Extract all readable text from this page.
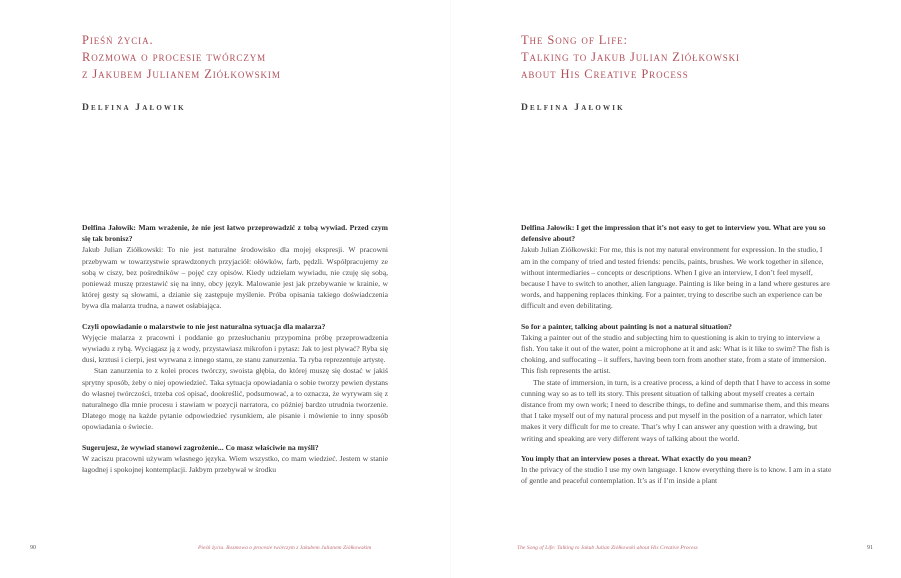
Pieśń życia.
Rozmowa o procesie twórczym
z Jakubem Julianem Ziółkowskim
Delfina Jałowik

Delfina Jałowik: Mam wrażenie, że nie jest łatwo przeprowadzić z tobą wywiad. Przed czym się tak bronisz?

Jakub Julian Ziółkowski: To nie jest naturalne środowisko dla mojej ekspresji. W pracowni przebywam w towarzystwie sprawdzonych przyjaciół: ołówków, farb, pędzli. Współpracujemy ze sobą w ciszy, bez pośredników – pojęć czy opisów. Kiedy udzielam wywiadu, nie czuję się sobą, ponieważ muszę przestawić się na inny, obcy język. Malowanie jest jak przebywanie w krainie, w której gesty są słowami, a dzianie się zastępuje myślenie. Próba opisania takiego doświadczenia bywa dla malarza trudna, a nawet osłabiająca.

Czyli opowiadanie o malarstwie to nie jest naturalna sytuacja dla malarza?

Wyjęcie malarza z pracowni i poddanie go przesłuchaniu przypomina próbę przeprowadzenia wywiadu z rybą. Wyciągasz ją z wody, przystawiasz mikrofon i pytasz: Jak to jest pływać? Ryba się dusi, krztusi i cierpi, jest wyrwana z innego stanu, ze stanu zanurzenia. Ta ryba reprezentuje artystę.

Stan zanurzenia to z kolei proces twórczy, swoista głębia, do której muszę się dostać w jakiś sprytny sposób, żeby o niej opowiedzieć. Taka sytuacja opowiadania o sobie tworzy pewien dystans do własnej twórczości, trzeba coś opisać, dookreślić, podsumować, a to oznacza, że wyrywam się z naturalnego dla mnie procesu i stawiam w pozycji narratora, co później bardzo utrudnia tworzenie. Dlatego mogę na każde pytanie odpowiedzieć rysunkiem, ale pisanie i mówienie to inny sposób opowiadania o świecie.

Sugerujesz, że wywiad stanowi zagrożenie... Co masz właściwie na myśli?

W zaciszu pracowni używam własnego języka. Wiem wszystko, co mam wiedzieć. Jestem w stanie łagodnej i spokojnej kontemplacji. Jakbym przebywał w środku

90	Pieśń życia. Rozmowa o procesie twórczym z Jakubem Julianem Ziółkowskim
The Song of Life:
Talking to Jakub Julian Ziółkowski
about His Creative Process
Delfina Jałowik

Delfina Jałowik: I get the impression that it’s not easy to get to interview you. What are you so defensive about?

Jakub Julian Ziółkowski: For me, this is not my natural environment for expression. In the studio, I am in the company of tried and tested friends: pencils, paints, brushes. We work together in silence, without intermediaries – concepts or descriptions. When I give an interview, I don’t feel myself, because I have to switch to another, alien language. Painting is like being in a land where gestures are words, and happening replaces thinking. For a painter, trying to describe such an experience can be difficult and even debilitating.

So for a painter, talking about painting is not a natural situation?

Taking a painter out of the studio and subjecting him to questioning is akin to trying to interview a fish. You take it out of the water, point a microphone at it and ask: What is it like to swim? The fish is choking, and suffocating – it suffers, having been torn from another state, from a state of immersion. This fish represents the artist.

The state of immersion, in turn, is a creative process, a kind of depth that I have to access in some cunning way so as to tell its story. This present situation of talking about myself creates a certain distance from my own work; I need to describe things, to define and summarise them, and this means that I take myself out of my natural process and put myself in the position of a narrator, which later makes it very difficult for me to create. That’s why I can answer any question with a drawing, but writing and speaking are very different ways of talking about the world.

You imply that an interview poses a threat. What exactly do you mean?

In the privacy of the studio I use my own language. I know everything there is to know. I am in a state of gentle and peaceful contemplation. It’s as if I’m inside a plant

The Song of Life: Talking to Jakub Julian Ziółkowski about His Creative Process	91
